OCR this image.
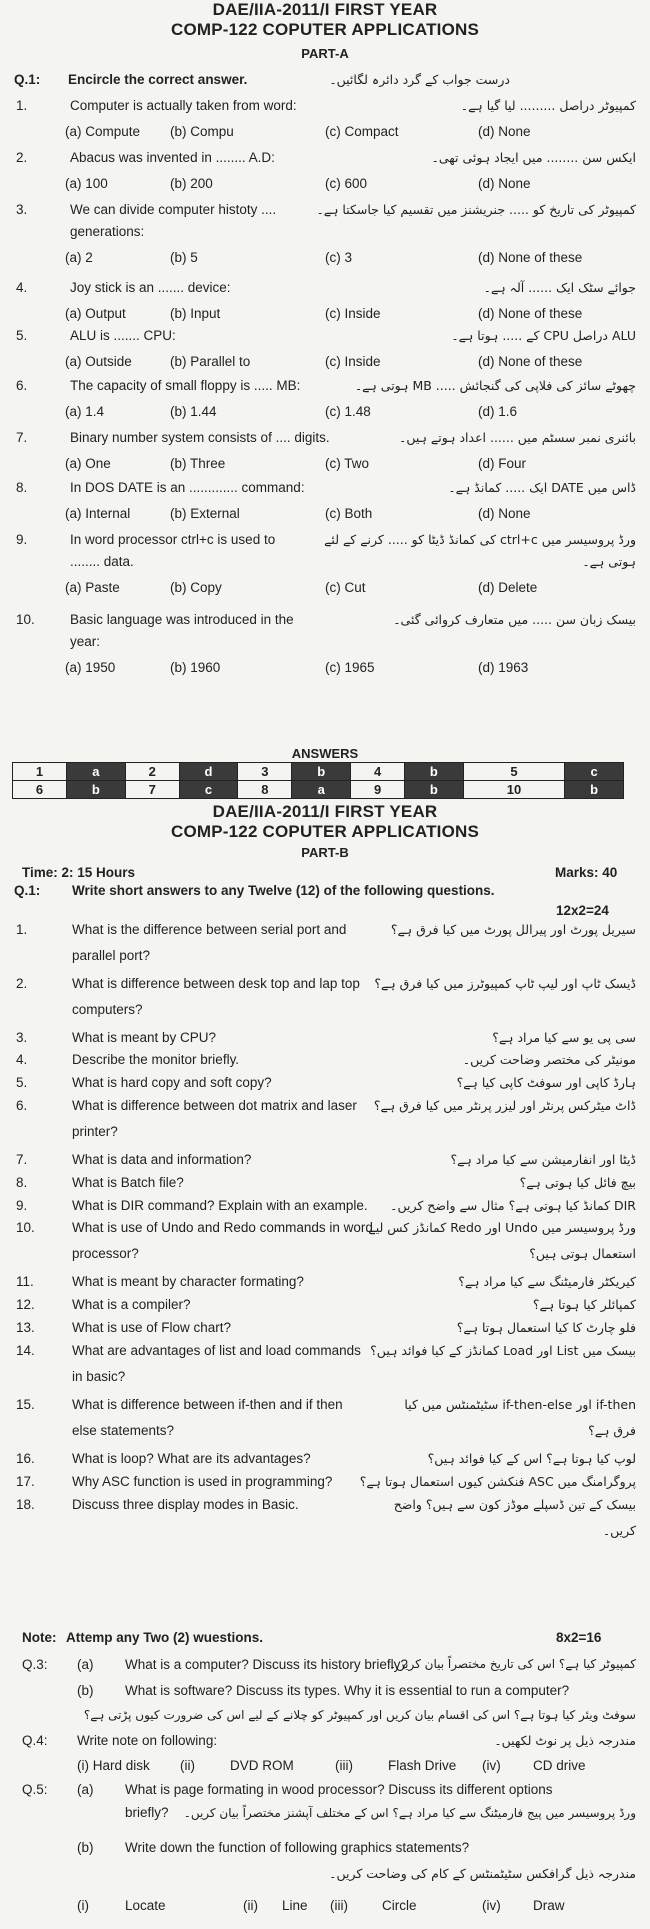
DAE/IIA-2011/I FIRST YEAR
COMP-122 COPUTER APPLICATIONS
PART-A
Q.1: Encircle the correct answer.	درست جواب کے گرد دائرہ لگائیں۔
1.	Computer is actually taken from word:	کمپیوٹر دراصل ......... لیا گیا ہے۔
(a) Compute (b) Compu	(c) Compact	(d) None
2.	Abacus was invented in ........ A.D:	ایکس سن ........ میں ایجاد ہوئی تھی۔
(a) 100	(b) 200	(c) 600	(d) None
3.	We can divide computer histoty ....
generations:
کمپیوٹر کی تاریخ کو ..... جنریشنز میں تقسیم کیا جاسکتا ہے۔
(a) 2	(b) 5	(c) 3	(d) None of these
4.	Joy stick is an ....... device:	جوائے سٹک ایک ...... آلہ ہے۔
(a) Output	(b) Input	(c) Inside	(d) None of these
5.	ALU is ....... CPU:	ALU دراصل CPU کے ..... ہوتا ہے۔
(a) Outside	(b) Parallel to	(c) Inside	(d) None of these
6.	The capacity of small floppy is ..... MB:	چھوٹے سائز کی فلاپی کی گنجائش ..... MB ہوتی ہے۔
(a) 1.4	(b) 1.44	(c) 1.48	(d) 1.6
7.	Binary number system consists of .... digits.	بائنری نمبر سسٹم میں ...... اعداد ہوتے ہیں۔
(a) One	(b) Three	(c) Two	(d) Four
8.	In DOS DATE is an ............. command:	ڈاس میں DATE ایک ..... کمانڈ ہے۔
(a) Internal	(b) External	(c) Both	(d) None
9.	In word processor ctrl+c is used to
........ data.
ورڈ پروسیسر میں ctrl+c کی کمانڈ ڈیٹا کو ..... کرنے کے لئے
ہوتی ہے۔
(a) Paste	(b) Copy	(c) Cut	(d) Delete
10.	Basic language was introduced in the
year:
بیسک زبان سن ..... میں متعارف کروائی گئی۔
(a) 1950	(b) 1960	(c) 1965	(d) 1963
ANSWERS
1	a	2	d	3	b	4	b	5	c
6	b	7	c	8	a	9	b	10	b
DAE/IIA-2011/I FIRST YEAR
COMP-122 COPUTER APPLICATIONS
PART-B
Time: 2: 15 Hours	Marks: 40
Q.1: Write short answers to any Twelve (12) of the following questions.
12x2=24
1.	What is the difference between serial port and
parallel port?
سیریل پورٹ اور پیرالل پورٹ میں کیا فرق ہے؟
2.	What is difference between desk top and lap top
computers?
ڈیسک ٹاپ اور لیپ ٹاپ کمپیوٹرز میں کیا فرق ہے؟
3.	What is meant by CPU?	سی پی یو سے کیا مراد ہے؟
4.	Describe the monitor briefly.	مونیٹر کی مختصر وضاحت کریں۔
5.	What is hard copy and soft copy?	ہارڈ کاپی اور سوفٹ کاپی کیا ہے؟
6.	What is difference between dot matrix and laser
printer?
ڈاٹ میٹرکس پرنٹر اور لیزر پرنٹر میں کیا فرق ہے؟
7.	What is data and information?	ڈیٹا اور انفارمیشن سے کیا مراد ہے؟
8.	What is Batch file?	بیچ فائل کیا ہوتی ہے؟
9.	What is DIR command? Explain with an example. DIR کمانڈ کیا ہوتی ہے؟ مثال سے واضح کریں۔
10.	What is use of Undo and Redo commands in word
processor?
ورڈ پروسیسر میں Undo اور Redo کمانڈز کس لیے
استعمال ہوتی ہیں؟
11.	What is meant by character formating?	کیریکٹر فارمیٹنگ سے کیا مراد ہے؟
12.	What is a compiler?	کمپائلر کیا ہوتا ہے؟
13.	What is use of Flow chart?	فلو چارٹ کا کیا استعمال ہوتا ہے؟
14.	What are advantages of list and load commands
in basic?
بیسک میں List اور Load کمانڈز کے کیا فوائد ہیں؟
15.	What is difference between if-then and if then
else statements?
if-then اور if-then-else سٹیٹمنٹس میں کیا
فرق ہے؟
16.	What is loop? What are its advantages?	لوپ کیا ہوتا ہے؟ اس کے کیا فوائد ہیں؟
17.	Why ASC function is used in programming? پروگرامنگ میں ASC فنکشن کیوں استعمال ہوتا ہے؟
18.	Discuss three display modes in Basic.	بیسک کے تین ڈسپلے موڈز کون سے ہیں؟ واضح
کریں۔
Note: Attemp any Two (2) wuestions.	8x2=16
Q.3: (a) What is a computer? Discuss its history briefly?
کمپیوٹر کیا ہے؟ اس کی تاریخ مختصراً بیان کریں۔
(b) What is software? Discuss its types. Why it is essential to run a computer?
سوفٹ ویئر کیا ہوتا ہے؟ اس کی اقسام بیان کریں اور کمپیوٹر کو چلانے کے لیے اس کی ضرورت کیوں پڑتی ہے؟
Q.4: Write note on following:	مندرجہ ذیل پر نوٹ لکھیں۔
(i) Hard disk (ii)	DVD ROM	(iii)	Flash Drive (iv) CD drive
Q.5: (a) What is page formating in wood processor? Discuss its different options
briefly? ورڈ پروسیسر میں پیج فارمیٹنگ سے کیا مراد ہے؟ اس کے مختلف آپشنز مختصراً بیان کریں۔
(b) Write down the function of following graphics statements?
مندرجہ ذیل گرافکس سٹیٹمنٹس کے کام کی وضاحت کریں۔
(i)	Locate	(ii) Line (iii)	Circle	(iv) Draw
